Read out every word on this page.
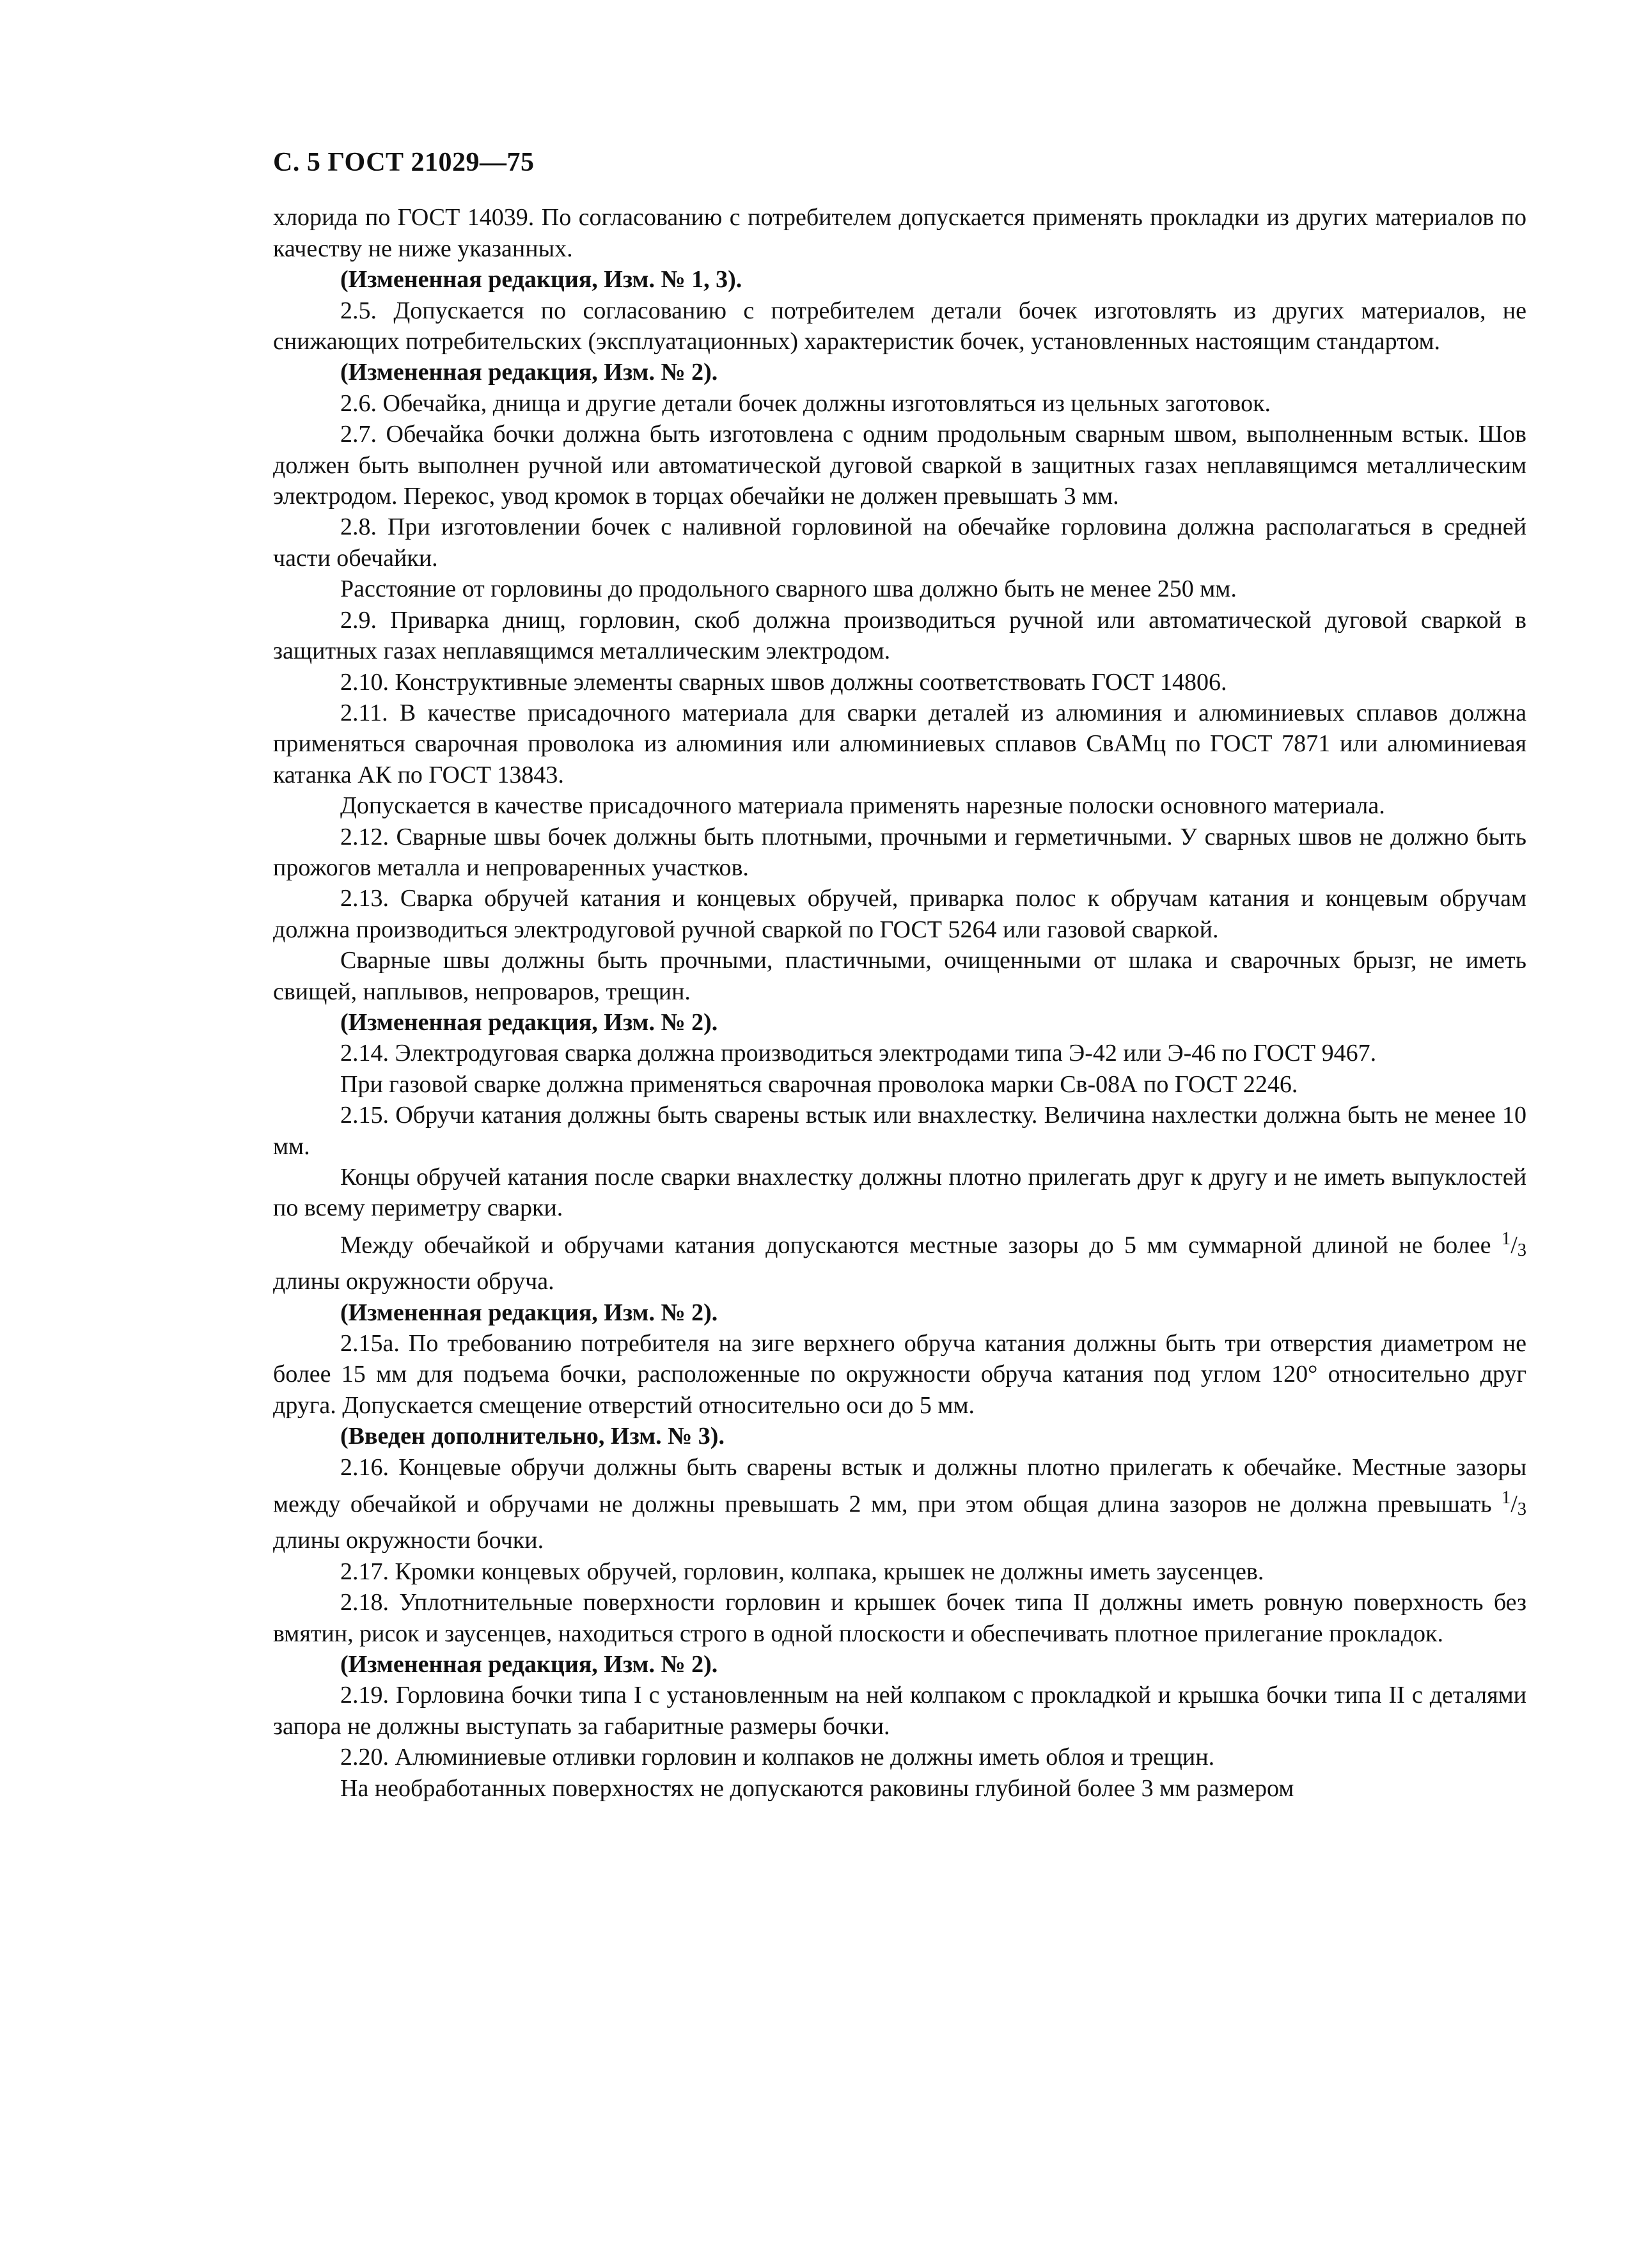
С. 5 ГОСТ 21029—75

хлорида по ГОСТ 14039. По согласованию с потребителем допускается применять прокладки из других материалов по качеству не ниже указанных.

(Измененная редакция, Изм. № 1, 3).

2.5. Допускается по согласованию с потребителем детали бочек изготовлять из других материалов, не снижающих потребительских (эксплуатационных) характеристик бочек, установленных настоящим стандартом.

(Измененная редакция, Изм. № 2).

2.6. Обечайка, днища и другие детали бочек должны изготовляться из цельных заготовок.

2.7. Обечайка бочки должна быть изготовлена с одним продольным сварным швом, выполненным встык. Шов должен быть выполнен ручной или автоматической дуговой сваркой в защитных газах неплавящимся металлическим электродом. Перекос, увод кромок в торцах обечайки не должен превышать 3 мм.

2.8. При изготовлении бочек с наливной горловиной на обечайке горловина должна располагаться в средней части обечайки.

Расстояние от горловины до продольного сварного шва должно быть не менее 250 мм.

2.9. Приварка днищ, горловин, скоб должна производиться ручной или автоматической дуговой сваркой в защитных газах неплавящимся металлическим электродом.

2.10. Конструктивные элементы сварных швов должны соответствовать ГОСТ 14806.

2.11. В качестве присадочного материала для сварки деталей из алюминия и алюминиевых сплавов должна применяться сварочная проволока из алюминия или алюминиевых сплавов СвАМц по ГОСТ 7871 или алюминиевая катанка АК по ГОСТ 13843.

Допускается в качестве присадочного материала применять нарезные полоски основного материала.

2.12. Сварные швы бочек должны быть плотными, прочными и герметичными. У сварных швов не должно быть прожогов металла и непроваренных участков.

2.13. Сварка обручей катания и концевых обручей, приварка полос к обручам катания и концевым обручам должна производиться электродуговой ручной сваркой по ГОСТ 5264 или газовой сваркой.

Сварные швы должны быть прочными, пластичными, очищенными от шлака и сварочных брызг, не иметь свищей, наплывов, непроваров, трещин.

(Измененная редакция, Изм. № 2).

2.14. Электродуговая сварка должна производиться электродами типа Э-42 или Э-46 по ГОСТ 9467.

При газовой сварке должна применяться сварочная проволока марки Св-08А по ГОСТ 2246.

2.15. Обручи катания должны быть сварены встык или внахлестку. Величина нахлестки должна быть не менее 10 мм.

Концы обручей катания после сварки внахлестку должны плотно прилегать друг к другу и не иметь выпуклостей по всему периметру сварки.

Между обечайкой и обручами катания допускаются местные зазоры до 5 мм суммарной длиной не более $^1$/3 длины окружности обруча.

(Измененная редакция, Изм. № 2).

2.15а. По требованию потребителя на зиге верхнего обруча катания должны быть три отверстия диаметром не более 15 мм для подъема бочки, расположенные по окружности обруча катания под углом 120° относительно друг друга. Допускается смещение отверстий относительно оси до 5 мм.

(Введен дополнительно, Изм. № 3).

2.16. Концевые обручи должны быть сварены встык и должны плотно прилегать к обечайке. Местные зазоры между обечайкой и обручами не должны превышать 2 мм, при этом общая длина зазоров не должна превышать $^1$/3 длины окружности бочки.

2.17. Кромки концевых обручей, горловин, колпака, крышек не должны иметь заусенцев.

2.18. Уплотнительные поверхности горловин и крышек бочек типа II должны иметь ровную поверхность без вмятин, рисок и заусенцев, находиться строго в одной плоскости и обеспечивать плотное прилегание прокладок.

(Измененная редакция, Изм. № 2).

2.19. Горловина бочки типа I с установленным на ней колпаком с прокладкой и крышка бочки типа II с деталями запора не должны выступать за габаритные размеры бочки.

2.20. Алюминиевые отливки горловин и колпаков не должны иметь облоя и трещин.

На необработанных поверхностях не допускаются раковины глубиной более 3 мм размером
